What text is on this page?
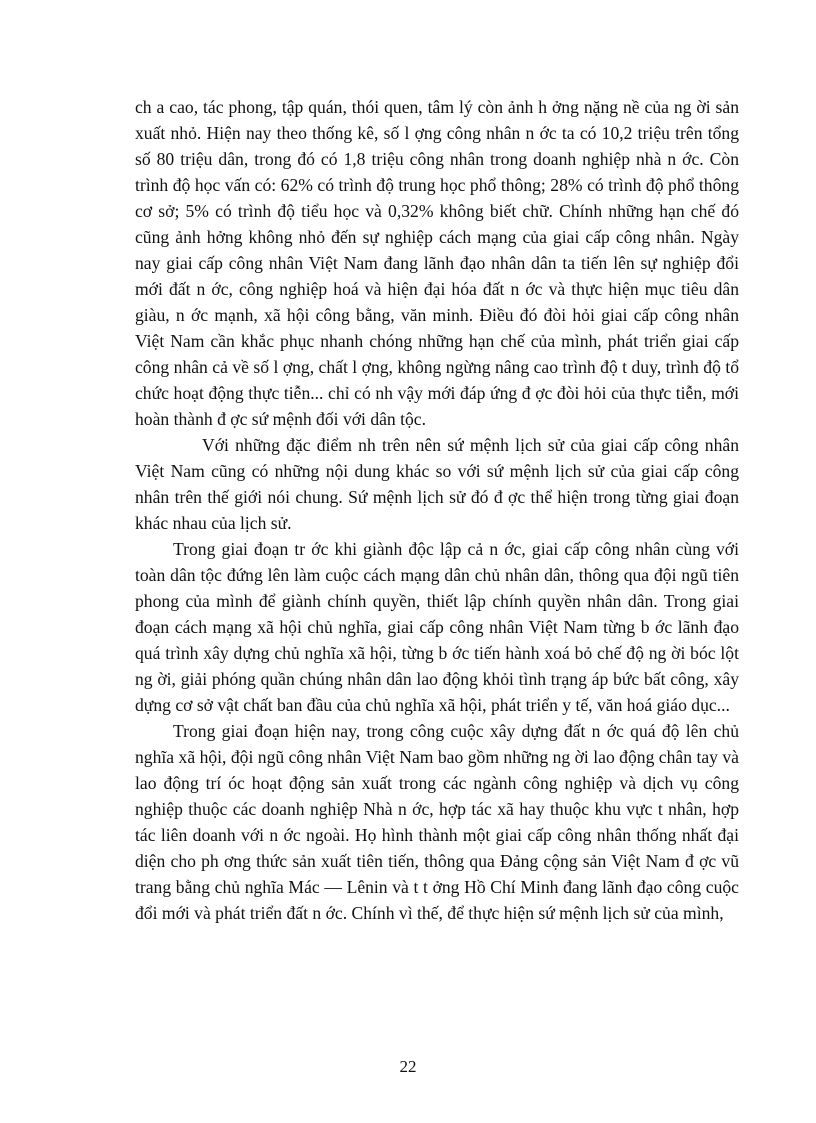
ch a cao, tác phong, tập quán, thói quen, tâm lý còn ảnh h ởng nặng nề của ng ời sản xuất nhỏ. Hiện nay theo thống kê, số l ợng công nhân n ớc ta có 10,2 triệu trên tổng số 80 triệu dân, trong đó có 1,8 triệu công nhân trong doanh nghiệp nhà n ớc. Còn trình độ học vấn có: 62% có trình độ trung học phổ thông; 28% có trình độ phổ thông cơ sở; 5% có trình độ tiểu học và 0,32% không biết chữ. Chính những hạn chế đó cũng ảnh hởng không nhỏ đến sự nghiệp cách mạng của giai cấp công nhân. Ngày nay giai cấp công nhân Việt Nam đang lãnh đạo nhân dân ta tiến lên sự nghiệp đổi mới đất n ớc, công nghiệp hoá và hiện đại hóa đất n ớc và thực hiện mục tiêu dân giàu, n ớc mạnh, xã hội công bằng, văn minh. Điều đó đòi hỏi giai cấp công nhân Việt Nam cần khắc phục nhanh chóng những hạn chế của mình, phát triển giai cấp công nhân cả về số l ợng, chất l ợng, không ngừng nâng cao trình độ t duy, trình độ tổ chức hoạt động thực tiễn... chỉ có nh vậy mới đáp ứng đ ợc đòi hỏi của thực tiễn, mới hoàn thành đ ợc sứ mệnh đối với dân tộc.

Với những đặc điểm nh trên nên sứ mệnh lịch sử của giai cấp công nhân Việt Nam cũng có những nội dung khác so với sứ mệnh lịch sử của giai cấp công nhân trên thế giới nói chung. Sứ mệnh lịch sử đó đ ợc thể hiện trong từng giai đoạn khác nhau của lịch sử.

Trong giai đoạn tr ớc khi giành độc lập cả n ớc, giai cấp công nhân cùng với toàn dân tộc đứng lên làm cuộc cách mạng dân chủ nhân dân, thông qua đội ngũ tiên phong của mình để giành chính quyền, thiết lập chính quyền nhân dân. Trong giai đoạn cách mạng xã hội chủ nghĩa, giai cấp công nhân Việt Nam từng b ớc lãnh đạo quá trình xây dựng chủ nghĩa xã hội, từng b ớc tiến hành xoá bỏ chế độ ng ời bóc lột ng ời, giải phóng quần chúng nhân dân lao động khỏi tình trạng áp bức bất công, xây dựng cơ sở vật chất ban đầu của chủ nghĩa xã hội, phát triển y tế, văn hoá giáo dục...

Trong giai đoạn hiện nay, trong công cuộc xây dựng đất n ớc quá độ lên chủ nghĩa xã hội, đội ngũ công nhân Việt Nam bao gồm những ng ời lao động chân tay và lao động trí óc hoạt động sản xuất trong các ngành công nghiệp và dịch vụ công nghiệp thuộc các doanh nghiệp Nhà n ớc, hợp tác xã hay thuộc khu vực t nhân, hợp tác liên doanh với n ớc ngoài. Họ hình thành một giai cấp công nhân thống nhất đại diện cho ph ơng thức sản xuất tiên tiến, thông qua Đảng cộng sản Việt Nam đ ợc vũ trang bằng chủ nghĩa Mác — Lênin và t t ởng Hồ Chí Minh đang lãnh đạo công cuộc đổi mới và phát triển đất n ớc. Chính vì thế, để thực hiện sứ mệnh lịch sử của mình,

22
